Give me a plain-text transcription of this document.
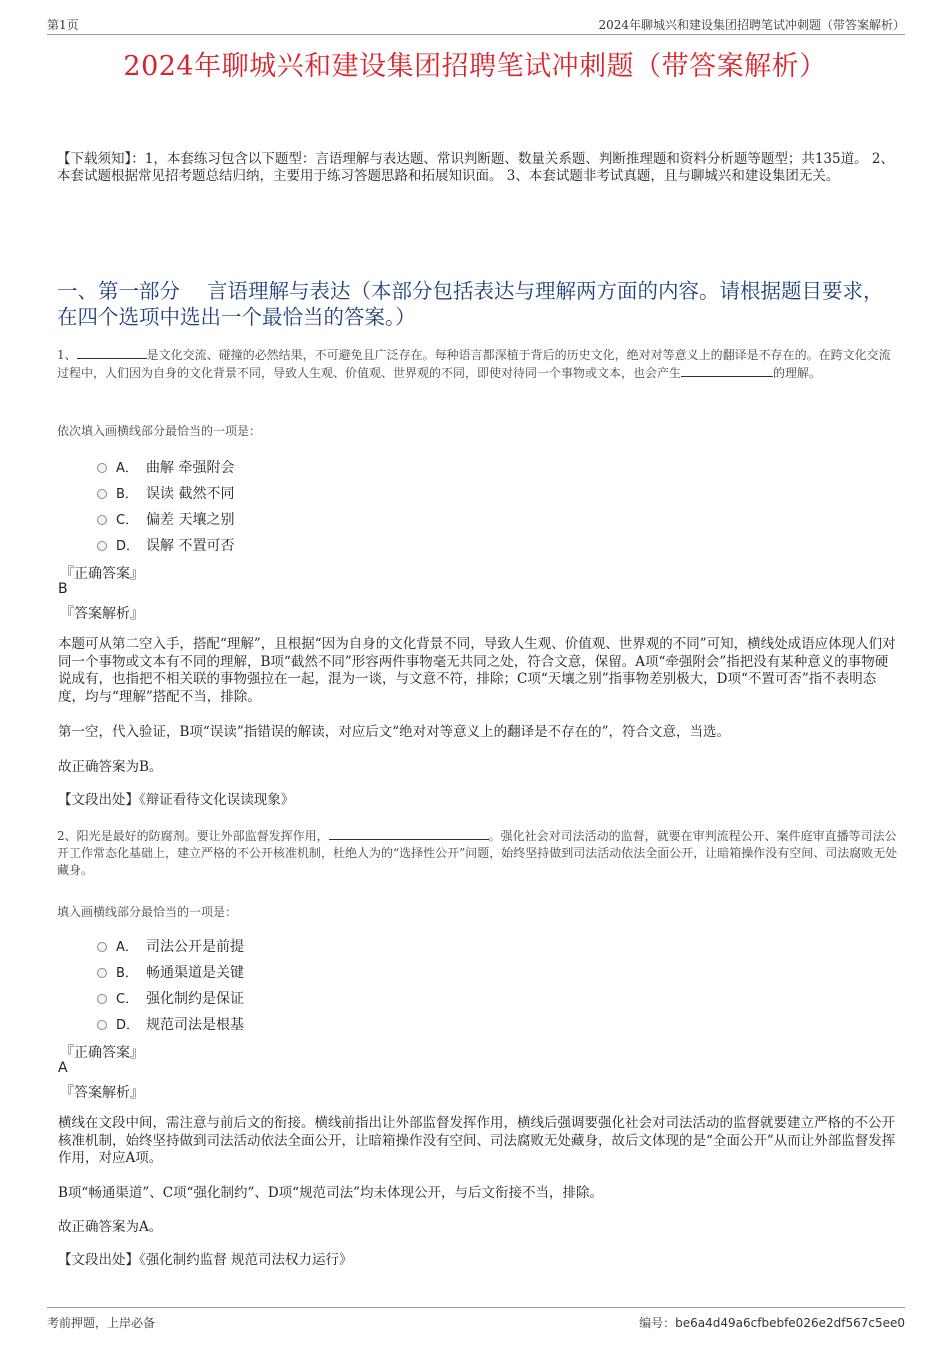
第1页	2024年聊城兴和建设集团招聘笔试冲刺题（带答案解析）
2024年聊城兴和建设集团招聘笔试冲刺题（带答案解析）
【下载须知】：1，本套练习包含以下题型：言语理解与表达题、常识判断题、数量关系题、判断推理题和资料分析题等题型；共135道。 2、本套试题根据常见招考题总结归纳，主要用于练习答题思路和拓展知识面。 3、本套试题非考试真题，且与聊城兴和建设集团无关。
一、第一部分　 言语理解与表达（本部分包括表达与理解两方面的内容。请根据题目要求，在四个选项中选出一个最恰当的答案。）
1、	是文化交流、碰撞的必然结果，不可避免且广泛存在。每种语言都深植于背后的历史文化，绝对对等意义上的翻译是不存在的。在跨文化交流过程中，人们因为自身的文化背景不同，导致人生观、价值观、世界观的不同，即使对待同一个事物或文本，也会产生	的理解。
依次填入画横线部分最恰当的一项是：
A． 曲解 牵强附会
B． 误读 截然不同
C． 偏差 天壤之别
D． 误解 不置可否
『正确答案』
B
『答案解析』
本题可从第二空入手，搭配“理解”，且根据“因为自身的文化背景不同，导致人生观、价值观、世界观的不同”可知，横线处成语应体现人们对同一个事物或文本有不同的理解，B项“截然不同”形容两件事物毫无共同之处，符合文意，保留。A项“牵强附会”指把没有某种意义的事物硬说成有，也指把不相关联的事物强拉在一起，混为一谈，与文意不符，排除；C项“天壤之别”指事物差别极大，D项“不置可否”指不表明态度，均与“理解”搭配不当，排除。
第一空，代入验证，B项“误读”指错误的解读，对应后文“绝对对等意义上的翻译是不存在的”，符合文意，当选。
故正确答案为B。
【文段出处】《辩证看待文化误读现象》
2、阳光是最好的防腐剂。要让外部监督发挥作用，	。强化社会对司法活动的监督，就要在审判流程公开、案件庭审直播等司法公开工作常态化基础上，建立严格的不公开核准机制，杜绝人为的“选择性公开”问题，始终坚持做到司法活动依法全面公开，让暗箱操作没有空间、司法腐败无处藏身。
填入画横线部分最恰当的一项是：
A． 司法公开是前提
B． 畅通渠道是关键
C． 强化制约是保证
D． 规范司法是根基
『正确答案』
A
『答案解析』
横线在文段中间，需注意与前后文的衔接。横线前指出让外部监督发挥作用，横线后强调要强化社会对司法活动的监督就要建立严格的不公开核准机制，始终坚持做到司法活动依法全面公开，让暗箱操作没有空间、司法腐败无处藏身，故后文体现的是“全面公开”从而让外部监督发挥作用，对应A项。
B项“畅通渠道”、C项“强化制约”、D项“规范司法”均未体现公开，与后文衔接不当，排除。
故正确答案为A。
【文段出处】《强化制约监督 规范司法权力运行》
考前押题，上岸必备	编号：be6a4d49a6cfbebfe026e2df567c5ee0
